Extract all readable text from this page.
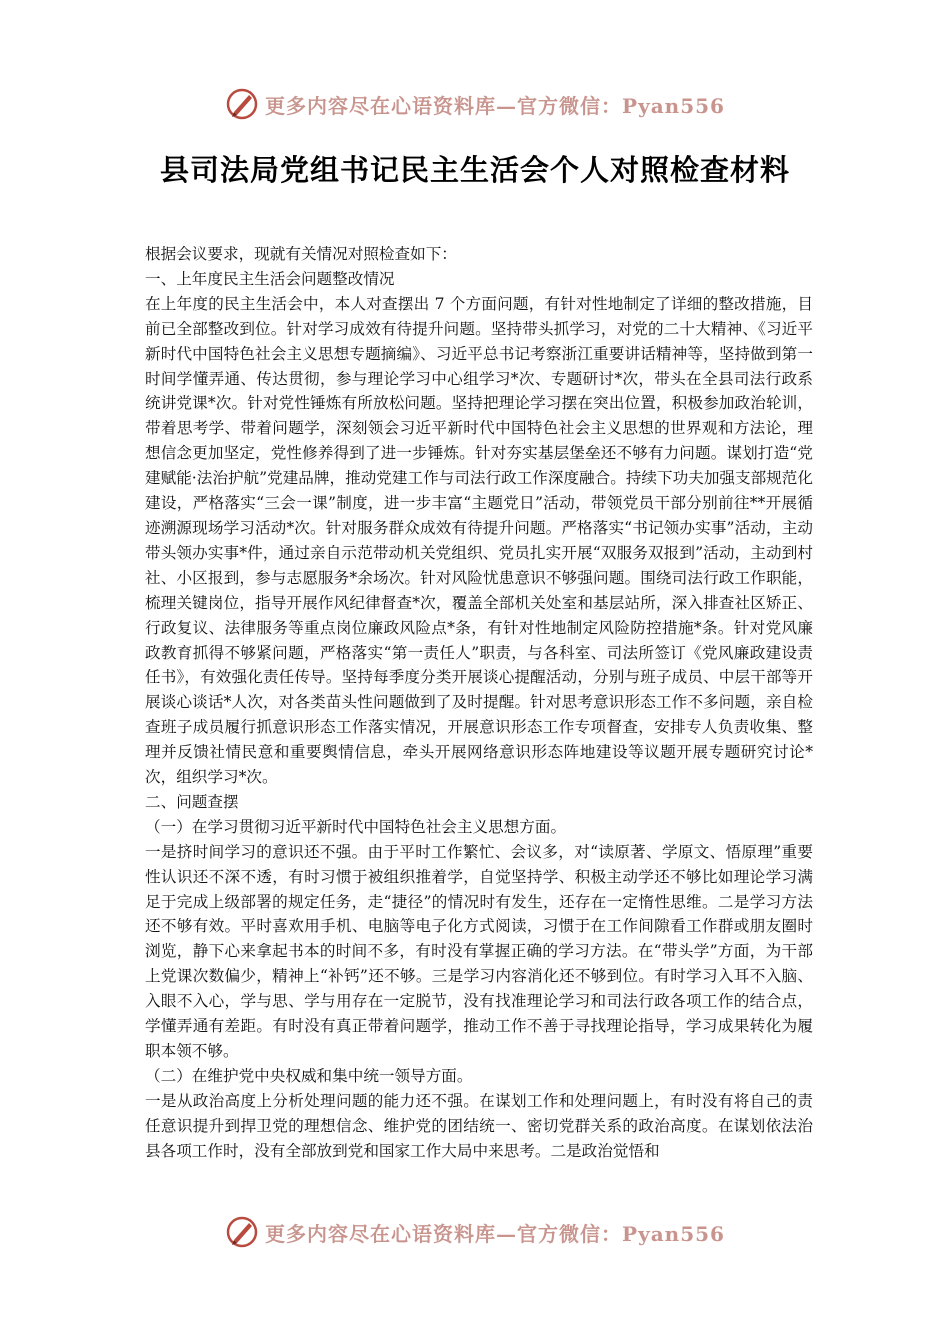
更多内容尽在心语资料库—官方微信：Pyan556
县司法局党组书记民主生活会个人对照检查材料

根据会议要求，现就有关情况对照检查如下：

一、上年度民主生活会问题整改情况

在上年度的民主生活会中，本人对查摆出 7 个方面问题，有针对性地制定了详细的整改措施，目前已全部整改到位。针对学习成效有待提升问题。坚持带头抓学习，对党的二十大精神、《习近平新时代中国特色社会主义思想专题摘编》、习近平总书记考察浙江重要讲话精神等，坚持做到第一时间学懂弄通、传达贯彻，参与理论学习中心组学习*次、专题研讨*次，带头在全县司法行政系统讲党课*次。针对党性锤炼有所放松问题。坚持把理论学习摆在突出位置，积极参加政治轮训，带着思考学、带着问题学，深刻领会习近平新时代中国特色社会主义思想的世界观和方法论，理想信念更加坚定，党性修养得到了进一步锤炼。针对夯实基层堡垒还不够有力问题。谋划打造“党建赋能·法治护航”党建品牌，推动党建工作与司法行政工作深度融合。持续下功夫加强支部规范化建设，严格落实“三会一课”制度，进一步丰富“主题党日”活动，带领党员干部分别前往**开展循迹溯源现场学习活动*次。针对服务群众成效有待提升问题。严格落实“书记领办实事”活动，主动带头领办实事*件，通过亲自示范带动机关党组织、党员扎实开展“双服务双报到”活动，主动到村社、小区报到，参与志愿服务*余场次。针对风险忧患意识不够强问题。围绕司法行政工作职能，梳理关键岗位，指导开展作风纪律督查*次，覆盖全部机关处室和基层站所，深入排查社区矫正、行政复议、法律服务等重点岗位廉政风险点*条，有针对性地制定风险防控措施*条。针对党风廉政教育抓得不够紧问题，严格落实“第一责任人”职责，与各科室、司法所签订《党风廉政建设责任书》，有效强化责任传导。坚持每季度分类开展谈心提醒活动，分别与班子成员、中层干部等开展谈心谈话*人次，对各类苗头性问题做到了及时提醒。针对思考意识形态工作不多问题，亲自检查班子成员履行抓意识形态工作落实情况，开展意识形态工作专项督查，安排专人负责收集、整理并反馈社情民意和重要舆情信息，牵头开展网络意识形态阵地建设等议题开展专题研究讨论*次，组织学习*次。

二、问题查摆

（一）在学习贯彻习近平新时代中国特色社会主义思想方面。

一是挤时间学习的意识还不强。由于平时工作繁忙、会议多，对“读原著、学原文、悟原理”重要性认识还不深不透，有时习惯于被组织推着学，自觉坚持学、积极主动学还不够比如理论学习满足于完成上级部署的规定任务，走“捷径”的情况时有发生，还存在一定惰性思维。二是学习方法还不够有效。平时喜欢用手机、电脑等电子化方式阅读，习惯于在工作间隙看工作群或朋友圈时浏览，静下心来拿起书本的时间不多，有时没有掌握正确的学习方法。在“带头学”方面，为干部上党课次数偏少，精神上“补钙”还不够。三是学习内容消化还不够到位。有时学习入耳不入脑、入眼不入心，学与思、学与用存在一定脱节，没有找准理论学习和司法行政各项工作的结合点，学懂弄通有差距。有时没有真正带着问题学，推动工作不善于寻找理论指导，学习成果转化为履职本领不够。

（二）在维护党中央权威和集中统一领导方面。

一是从政治高度上分析处理问题的能力还不强。在谋划工作和处理问题上，有时没有将自己的责任意识提升到捍卫党的理想信念、维护党的团结统一、密切党群关系的政治高度。在谋划依法治县各项工作时，没有全部放到党和国家工作大局中来思考。二是政治觉悟和

更多内容尽在心语资料库—官方微信：Pyan556
